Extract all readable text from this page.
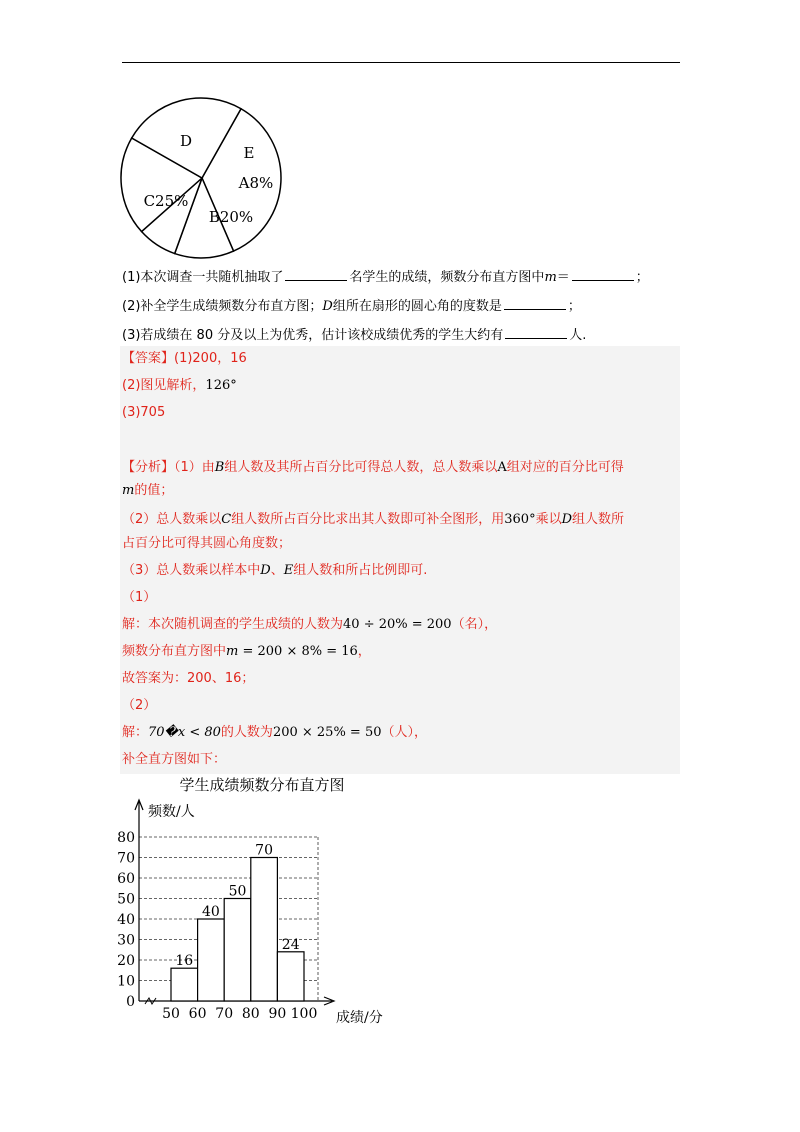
D
E
A8%
B20%
C25%
(1)本次调查一共随机抽取了	名学生的成绩，频数分布直方图中m＝	；
(2)补全学生成绩频数分布直方图；D组所在扇形的圆心角的度数是	；
(3)若成绩在 80 分及以上为优秀，估计该校成绩优秀的学生大约有	人.
【答案】(1)200，16
(2)图见解析，126°
(3)705
【分析】（1）由B组人数及其所占百分比可得总人数，总人数乘以A组对应的百分比可得
m的值；
（2）总人数乘以C组人数所占百分比求出其人数即可补全图形，用360°乘以D组人数所
占百分比可得其圆心角度数；
（3）总人数乘以样本中D、E组人数和所占比例即可.
（1）
解：本次随机调查的学生成绩的人数为40 ÷ 20% = 200（名），
频数分布直方图中m = 200 × 8% = 16，
故答案为：200、16；
（2）
解：70�x < 80的人数为200 × 25% = 50（人），
补全直方图如下：
学生成绩频数分布直方图
频数/人
成绩/分
0
10
20
30
40
50
60
70
80
50 60 70 80 90 100
16
40
50
70
24
